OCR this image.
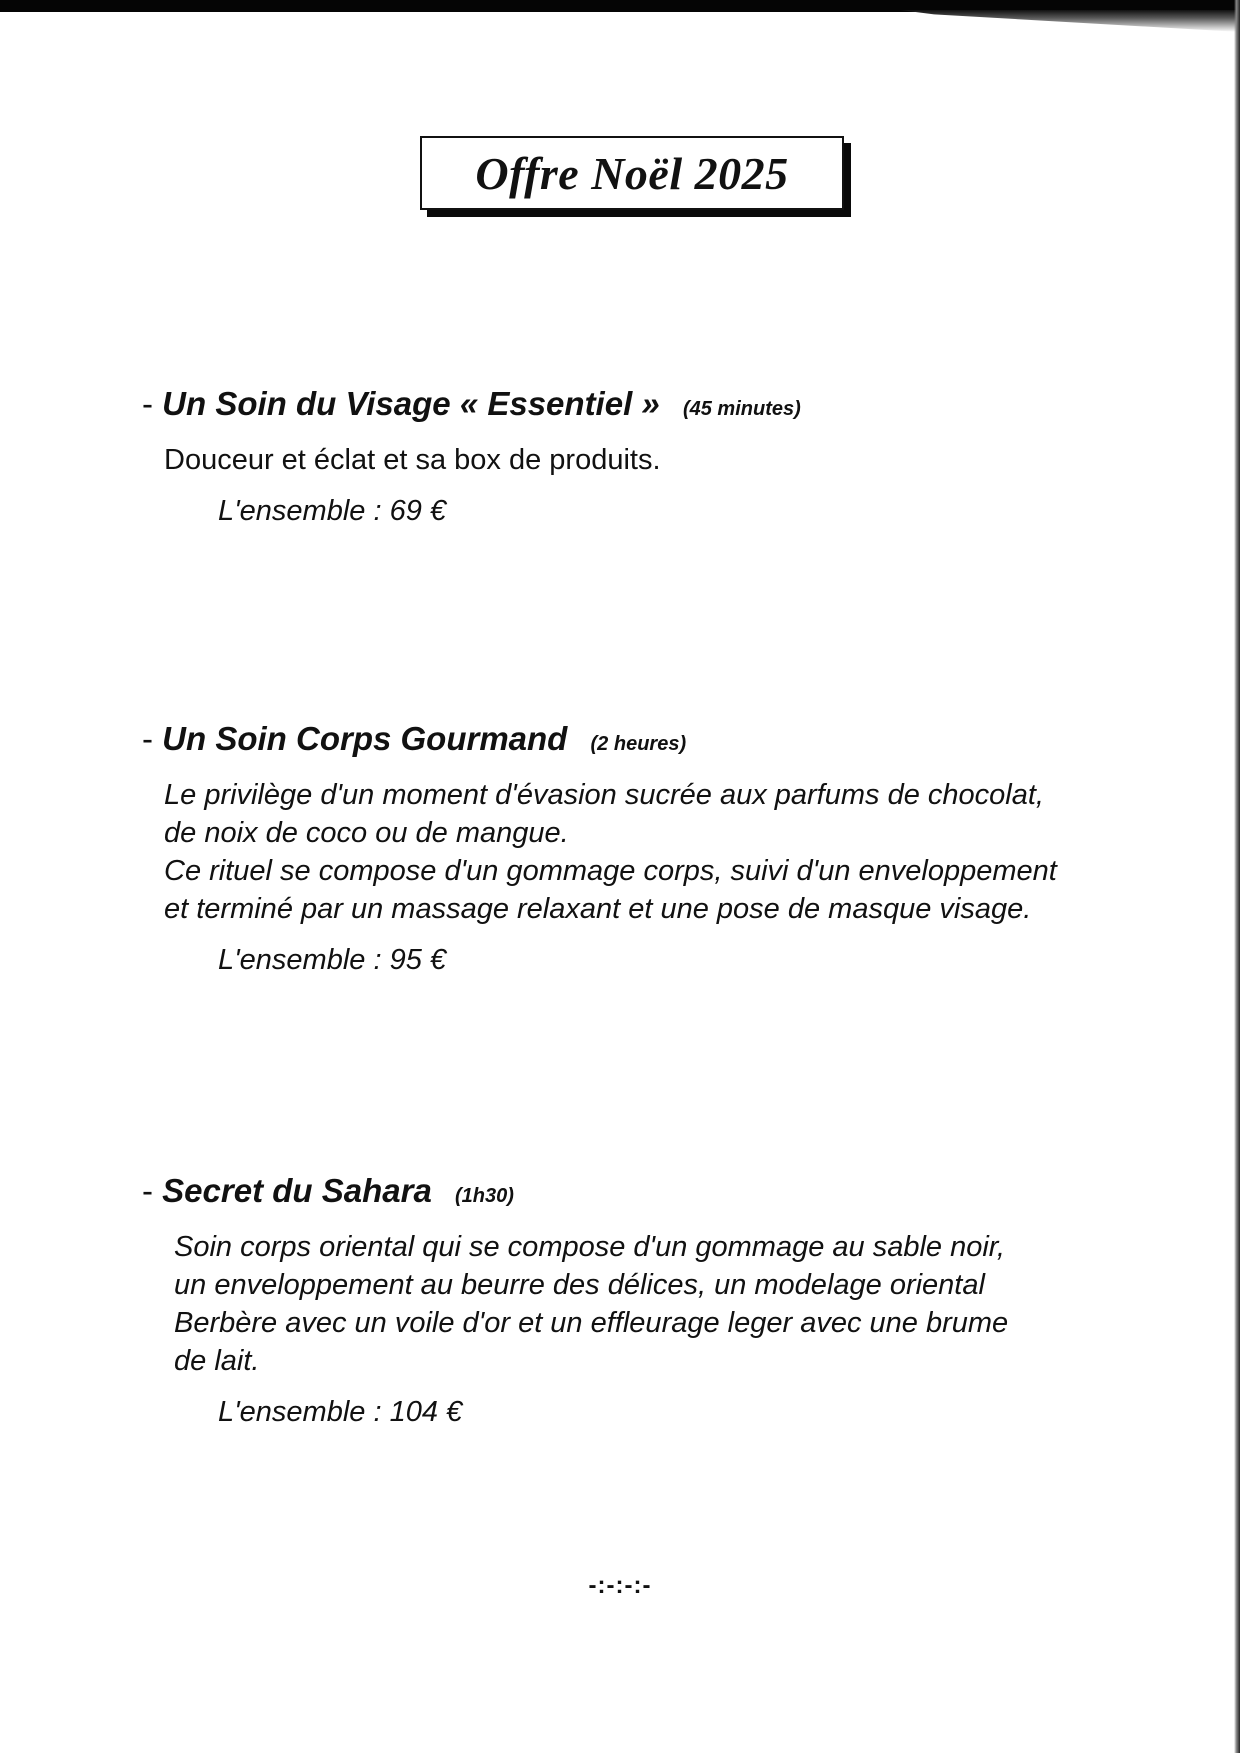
Offre Noël 2025
- Un Soin du Visage « Essentiel » (45 minutes)
Douceur et éclat et sa box de produits.
L'ensemble : 69 €
- Un Soin Corps Gourmand (2 heures)
Le privilège d'un moment d'évasion sucrée aux parfums de chocolat,
de noix de coco ou de mangue.
Ce rituel se compose d'un gommage corps, suivi d'un enveloppement
et terminé par un massage relaxant et une pose de masque visage.
L'ensemble : 95 €
- Secret du Sahara (1h30)
Soin corps oriental qui se compose d'un gommage au sable noir,
un enveloppement au beurre des délices, un modelage oriental
Berbère avec un voile d'or et un effleurage leger avec une brume
de lait.
L'ensemble : 104 €
-:-:-:-
